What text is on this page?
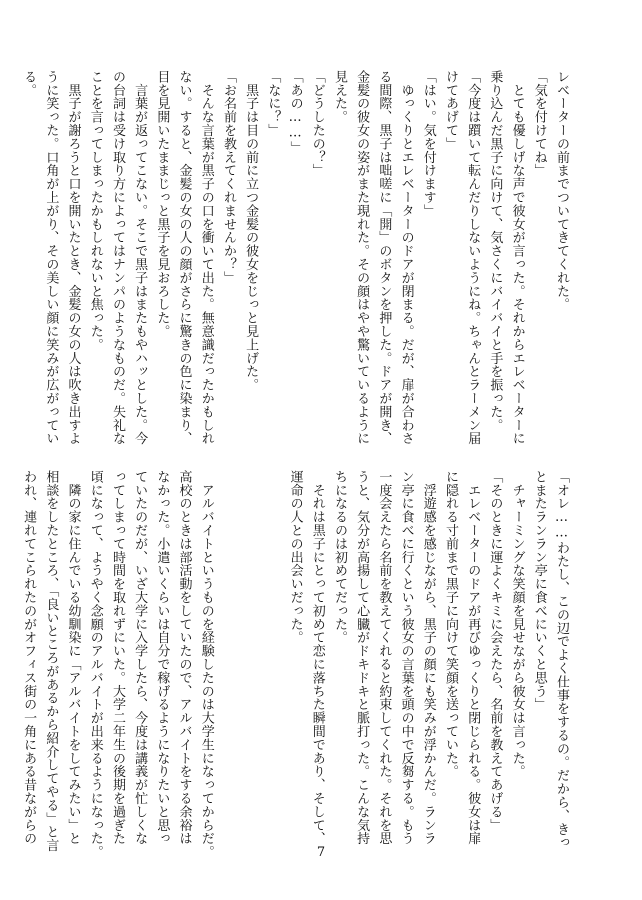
レベーターの前までついてきてくれた。
「気を付けてね」
　とても優しげな声で彼女が言った。それからエレベーターに
乗り込んだ黒子に向けて、気さくにバイバイと手を振った。
「今度は躓いて転んだりしないようにね。ちゃんとラーメン届
けてあげて」
「はい。気を付けます」
　ゆっくりとエレベーターのドアが閉まる。だが、扉が合わさ
る間際、黒子は咄嗟に「開」のボタンを押した。ドアが開き、
金髪の彼女の姿がまた現れた。その顔はやや驚いているように
見えた。
「どうしたの？」
「あの……」
「なに？」
　黒子は目の前に立つ金髪の彼女をじっと見上げた。
「お名前を教えてくれませんか？」
　そんな言葉が黒子の口を衝いて出た。無意識だったかもしれ
ない。すると、金髪の女の人の顔がさらに驚きの色に染まり、
目を見開いたままじっと黒子を見おろした。
　言葉が返ってこない。そこで黒子はまたもやハッとした。今
の台詞は受け取り方によってはナンパのようなものだ。失礼な
ことを言ってしまったかもしれないと焦った。
　黒子が謝ろうと口を開いたとき、金髪の女の人は吹き出すよ
うに笑った。口角が上がり、その美しい顔に笑みが広がってい
る。
「オレ……わたし、この辺でよく仕事をするの。だから、きっ
とまたランラン亭に食べにいくと思う」
　チャーミングな笑顔を見せながら彼女は言った。
「そのときに運よくキミに会えたら、名前を教えてあげる」
　エレベーターのドアが再びゆっくりと閉じられる。彼女は扉
に隠れる寸前まで黒子に向けて笑顔を送っていた。
　浮遊感を感じながら、黒子の顔にも笑みが浮かんだ。ランラ
ン亭に食べに行くという彼女の言葉を頭の中で反芻する。もう
一度会えたら名前を教えてくれると約束してくれた。それを思
うと、気分が高揚して心臓がドキドキと脈打った。こんな気持
ちになるのは初めてだった。
　それは黒子にとって初めて恋に落ちた瞬間であり、そして、
運命の人との出会いだった。

　アルバイトというものを経験したのは大学生になってからだ。
高校のときは部活動をしていたので、アルバイトをする余裕は
なかった。小遣いくらいは自分で稼げるようになりたいと思っ
ていたのだが、いざ大学に入学したら、今度は講義が忙しくな
ってしまって時間を取れずにいた。大学二年生の後期を過ぎた
頃になって、ようやく念願のアルバイトが出来るようになった。
　隣の家に住んでいる幼馴染に「アルバイトをしてみたい」と
相談をしたところ、「良いところがあるから紹介してやる」と言
われ、連れてこられたのがオフィス街の一角にある昔ながらの
7
